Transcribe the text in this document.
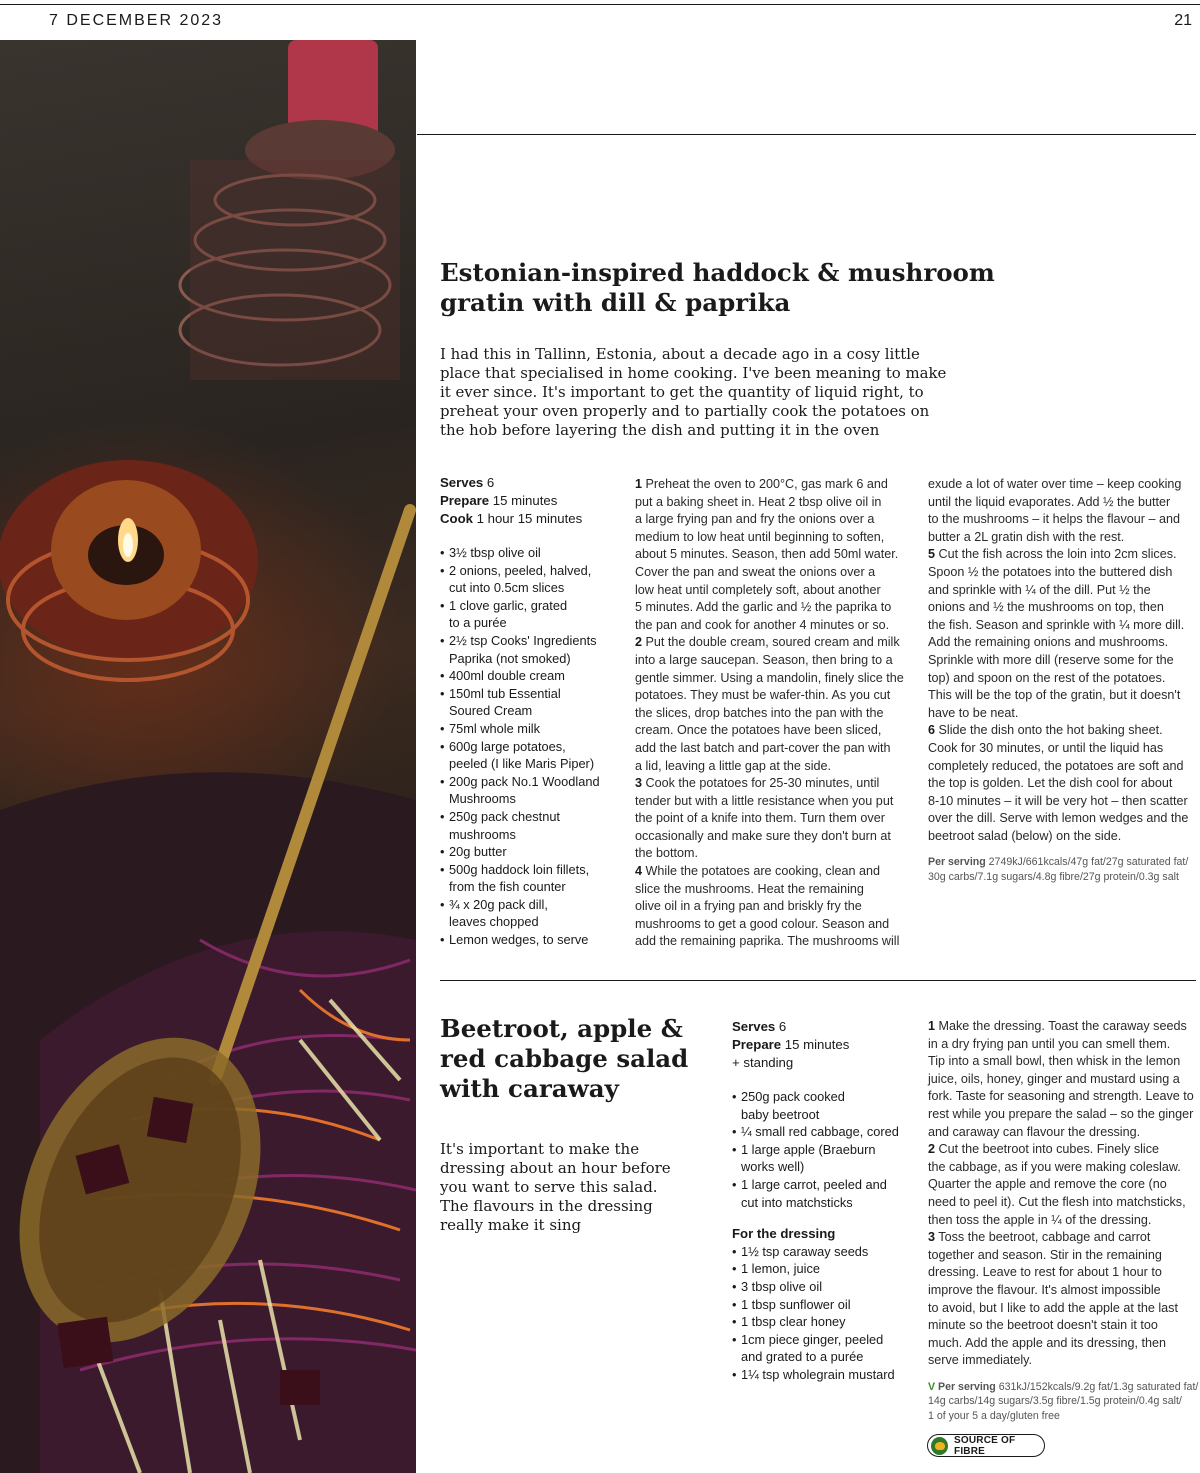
7 DECEMBER 2023	21
Estonian-inspired haddock & mushroom
gratin with dill & paprika
I had this in Tallinn, Estonia, about a decade ago in a cosy little
place that specialised in home cooking. I've been meaning to make
it ever since. It's important to get the quantity of liquid right, to
preheat your oven properly and to partially cook the potatoes on
the hob before layering the dish and putting it in the oven
Serves 6
Prepare 15 minutes
Cook 1 hour 15 minutes
• 3½ tbsp olive oil
• 2 onions, peeled, halved,
cut into 0.5cm slices
• 1 clove garlic, grated
to a purée
• 2½ tsp Cooks' Ingredients
Paprika (not smoked)
• 400ml double cream
• 150ml tub Essential
Soured Cream
• 75ml whole milk
• 600g large potatoes,
peeled (I like Maris Piper)
• 200g pack No.1 Woodland
Mushrooms
• 250g pack chestnut
mushrooms
• 20g butter
• 500g haddock loin fillets,
from the fish counter
• ¾ x 20g pack dill,
leaves chopped
• Lemon wedges, to serve
1 Preheat the oven to 200°C, gas mark 6 and
put a baking sheet in. Heat 2 tbsp olive oil in
a large frying pan and fry the onions over a
medium to low heat until beginning to soften,
about 5 minutes. Season, then add 50ml water.
Cover the pan and sweat the onions over a
low heat until completely soft, about another
5 minutes. Add the garlic and ½ the paprika to
the pan and cook for another 4 minutes or so.
2 Put the double cream, soured cream and milk
into a large saucepan. Season, then bring to a
gentle simmer. Using a mandolin, finely slice the
potatoes. They must be wafer-thin. As you cut
the slices, drop batches into the pan with the
cream. Once the potatoes have been sliced,
add the last batch and part-cover the pan with
a lid, leaving a little gap at the side.
3 Cook the potatoes for 25-30 minutes, until
tender but with a little resistance when you put
the point of a knife into them. Turn them over
occasionally and make sure they don't burn at
the bottom.
4 While the potatoes are cooking, clean and
slice the mushrooms. Heat the remaining
olive oil in a frying pan and briskly fry the
mushrooms to get a good colour. Season and
add the remaining paprika. The mushrooms will
exude a lot of water over time – keep cooking
until the liquid evaporates. Add ½ the butter
to the mushrooms – it helps the flavour – and
butter a 2L gratin dish with the rest.
5 Cut the fish across the loin into 2cm slices.
Spoon ½ the potatoes into the buttered dish
and sprinkle with ¼ of the dill. Put ½ the
onions and ½ the mushrooms on top, then
the fish. Season and sprinkle with ¼ more dill.
Add the remaining onions and mushrooms.
Sprinkle with more dill (reserve some for the
top) and spoon on the rest of the potatoes.
This will be the top of the gratin, but it doesn't
have to be neat.
6 Slide the dish onto the hot baking sheet.
Cook for 30 minutes, or until the liquid has
completely reduced, the potatoes are soft and
the top is golden. Let the dish cool for about
8-10 minutes – it will be very hot – then scatter
over the dill. Serve with lemon wedges and the
beetroot salad (below) on the side.
Per serving 2749kJ/661kcals/47g fat/27g saturated fat/
30g carbs/7.1g sugars/4.8g fibre/27g protein/0.3g salt
Beetroot, apple &
red cabbage salad
with caraway
It's important to make the
dressing about an hour before
you want to serve this salad.
The flavours in the dressing
really make it sing
Serves 6
Prepare 15 minutes
+ standing
• 250g pack cooked
baby beetroot
• ¼ small red cabbage, cored
• 1 large apple (Braeburn
works well)
• 1 large carrot, peeled and
cut into matchsticks
For the dressing
• 1½ tsp caraway seeds
• 1 lemon, juice
• 3 tbsp olive oil
• 1 tbsp sunflower oil
• 1 tbsp clear honey
• 1cm piece ginger, peeled
and grated to a purée
• 1¼ tsp wholegrain mustard
1 Make the dressing. Toast the caraway seeds
in a dry frying pan until you can smell them.
Tip into a small bowl, then whisk in the lemon
juice, oils, honey, ginger and mustard using a
fork. Taste for seasoning and strength. Leave to
rest while you prepare the salad – so the ginger
and caraway can flavour the dressing.
2 Cut the beetroot into cubes. Finely slice
the cabbage, as if you were making coleslaw.
Quarter the apple and remove the core (no
need to peel it). Cut the flesh into matchsticks,
then toss the apple in ¼ of the dressing.
3 Toss the beetroot, cabbage and carrot
together and season. Stir in the remaining
dressing. Leave to rest for about 1 hour to
improve the flavour. It's almost impossible
to avoid, but I like to add the apple at the last
minute so the beetroot doesn't stain it too
much. Add the apple and its dressing, then
serve immediately.
V Per serving 631kJ/152kcals/9.2g fat/1.3g saturated fat/
14g carbs/14g sugars/3.5g fibre/1.5g protein/0.4g salt/
1 of your 5 a day/gluten free
SOURCE OF FIBRE
